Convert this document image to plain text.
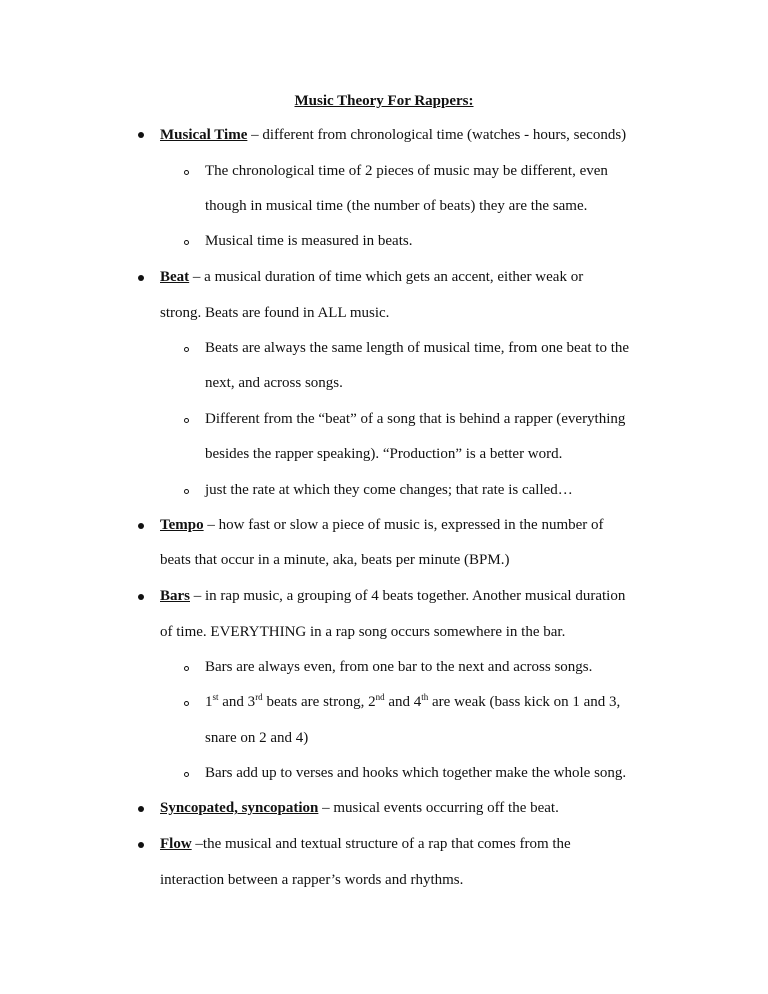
Music Theory For Rappers:
Musical Time – different from chronological time (watches - hours, seconds)
The chronological time of 2 pieces of music may be different, even
though in musical time (the number of beats) they are the same.
Musical time is measured in beats.
Beat – a musical duration of time which gets an accent, either weak or
strong. Beats are found in ALL music.
Beats are always the same length of musical time, from one beat to the
next, and across songs.
Different from the “beat” of a song that is behind a rapper (everything
besides the rapper speaking). “Production” is a better word.
just the rate at which they come changes; that rate is called…
Tempo – how fast or slow a piece of music is, expressed in the number of
beats that occur in a minute, aka, beats per minute (BPM.)
Bars – in rap music, a grouping of 4 beats together. Another musical duration
of time. EVERYTHING in a rap song occurs somewhere in the bar.
Bars are always even, from one bar to the next and across songs.
1st and 3rd beats are strong, 2nd and 4th are weak (bass kick on 1 and 3,
snare on 2 and 4)
Bars add up to verses and hooks which together make the whole song.
Syncopated, syncopation – musical events occurring off the beat.
Flow –the musical and textual structure of a rap that comes from the
interaction between a rapper’s words and rhythms.
